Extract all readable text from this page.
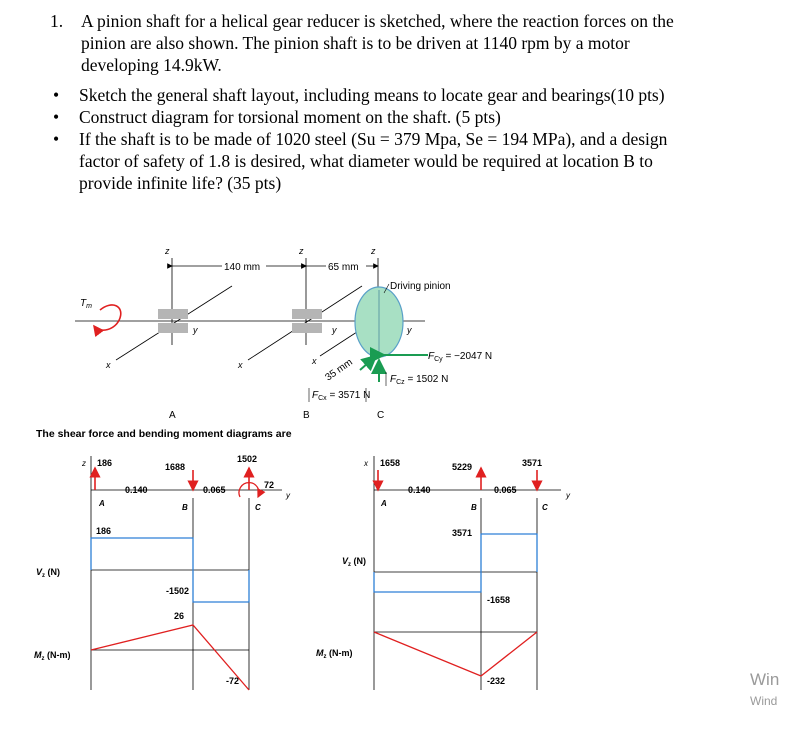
1. A pinion shaft for a helical gear reducer is sketched, where the reaction forces on the
pinion are also shown. The pinion shaft is to be driven at 1140 rpm by a motor
developing 14.9kW.
• Sketch the general shaft layout, including means to locate gear and bearings(10 pts)
• Construct diagram for torsional moment on the shaft. (5 pts)
• If the shaft is to be made of 1020 steel (Su = 379 Mpa, Se = 194 MPa), and a design
factor of safety of 1.8 is desired, what diameter would be required at location B to
provide infinite life? (35 pts)
140 mm	65 mm
z	z	z
x	x	x
y	y	y
$T_m$
Driving pinion
35 mm
$F_{Cy} = -2047$ N
$F_{Cz} = 1502$ N
$F_{Cx} = 3571$ N
A	B	C
The shear force and bending moment diagrams are
z
y
186	1688
1502
72
0.140	0.065
A	B	C
186
-1502
$V_z$ (N)
26
-72
$M_z$ (N-m)
x
y
1658	5229	3571
0.140	0.065
A	B	C
$V_z$ (N)
3571
-1658
$M_z$ (N-m)
-232	Win
Wind
